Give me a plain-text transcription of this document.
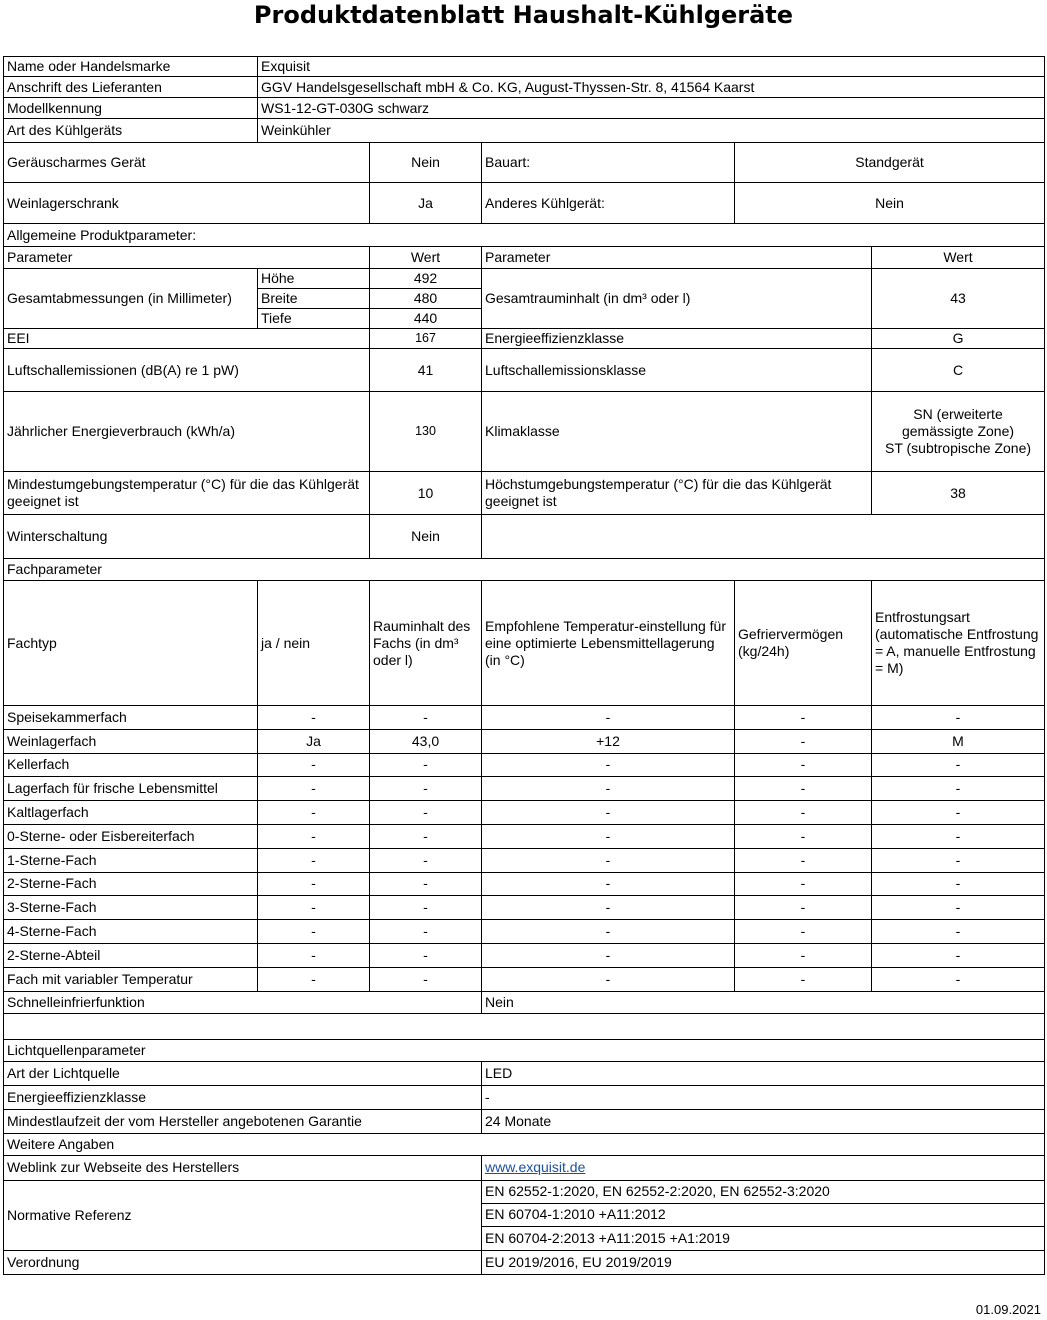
Produktdatenblatt Haushalt-Kühlgeräte
Name oder Handelsmarke	Exquisit				
Anschrift des Lieferanten	GGV Handelsgesellschaft mbH & Co. KG, August-Thyssen-Str. 8, 41564 Kaarst				
Modellkennung	WS1-12-GT-030G schwarz				
Art des Kühlgeräts	Weinkühler				
Geräuscharmes Gerät		Nein	Bauart:	Standgerät	
Weinlagerschrank		Ja	Anderes Kühlgerät:	Nein	
Allgemeine Produktparameter:					
Parameter		Wert	Parameter		Wert
Gesamtabmessungen (in Millimeter)	Höhe	492	Gesamtrauminhalt (in dm³ oder l)		43
	Breite	480			
	Tiefe	440			
EEI		167	Energieeffizienzklasse		G
Luftschallemissionen (dB(A) re 1 pW)		41	Luftschallemissionsklasse		C
Jährlicher Energieverbrauch (kWh/a)		130	Klimaklasse		SN (erweiterte
gemässigte Zone)
ST (subtropische Zone)

Mindestumgebungstemperatur (°C) für die das Kühlgerät geeignet ist		10	Höchstumgebungstemperatur (°C) für die das Kühlgerät geeignet ist		38
Winterschaltung		Nein			
Fachparameter					
Fachtyp	ja / nein	Rauminhalt des Fachs (in dm³ oder l)	Empfohlene Temperatur-einstellung für eine optimierte Lebensmittellagerung (in °C)	Gefriervermögen (kg/24h)	Entfrostungsart (automatische Entfrostung = A, manuelle Entfrostung = M)
Speisekammerfach	-	-	-	-	-
Weinlagerfach	Ja	43,0	+12	-	M
Kellerfach	-	-	-	-	-
Lagerfach für frische Lebensmittel	-	-	-	-	-
Kaltlagerfach	-	-	-	-	-
0-Sterne- oder Eisbereiterfach	-	-	-	-	-
1-Sterne-Fach	-	-	-	-	-
2-Sterne-Fach	-	-	-	-	-
3-Sterne-Fach	-	-	-	-	-
4-Sterne-Fach	-	-	-	-	-
2-Sterne-Abteil	-	-	-	-	-
Fach mit variabler Temperatur	-	-	-	-	-
Schnelleinfrierfunktion			Nein		

Lichtquellenparameter					
Art der Lichtquelle			LED		
Energieeffizienzklasse			-		
Mindestlaufzeit der vom Hersteller angebotenen Garantie			24 Monate		
Weitere Angaben					
Weblink zur Webseite des Herstellers			www.exquisit.de		
Normative Referenz			EN 62552-1:2020, EN 62552-2:2020, EN 62552-3:2020		
			EN 60704-1:2010 +A11:2012		
			EN 60704-2:2013 +A11:2015 +A1:2019		
Verordnung			EU 2019/2016, EU 2019/2019		
01.09.2021
